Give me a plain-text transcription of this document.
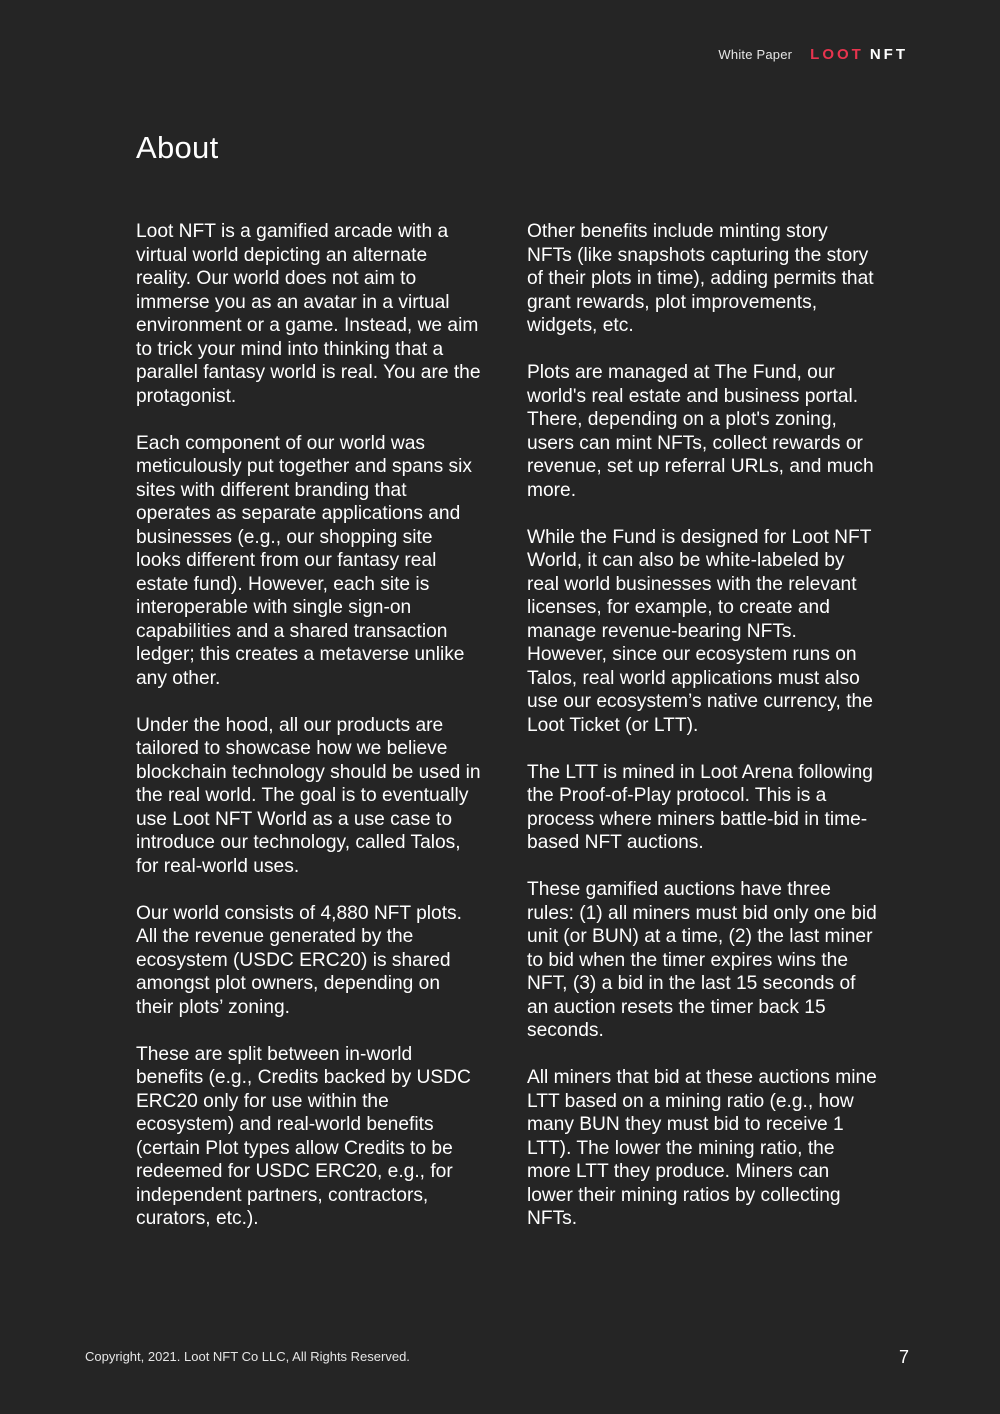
White Paper LOOT NFT
About

Loot NFT is a gamified arcade with a virtual world depicting an alternate reality. Our world does not aim to immerse you as an avatar in a virtual environment or a game. Instead, we aim to trick your mind into thinking that a parallel fantasy world is real. You are the protagonist.

Each component of our world was meticulously put together and spans six sites with different branding that operates as separate applications and businesses (e.g., our shopping site looks different from our fantasy real estate fund). However, each site is interoperable with single sign-on capabilities and a shared transaction ledger; this creates a metaverse unlike any other.

Under the hood, all our products are tailored to showcase how we believe blockchain technology should be used in the real world. The goal is to eventually use Loot NFT World as a use case to introduce our technology, called Talos, for real-world uses.

Our world consists of 4,880 NFT plots. All the revenue generated by the ecosystem (USDC ERC20) is shared amongst plot owners, depending on their plots’ zoning.

These are split between in-world benefits (e.g., Credits backed by USDC ERC20 only for use within the ecosystem) and real-world benefits (certain Plot types allow Credits to be redeemed for USDC ERC20, e.g., for independent partners, contractors, curators, etc.).

Other benefits include minting story NFTs (like snapshots capturing the story of their plots in time), adding permits that grant rewards, plot improvements, widgets, etc.

Plots are managed at The Fund, our world's real estate and business portal. There, depending on a plot's zoning, users can mint NFTs, collect rewards or revenue, set up referral URLs, and much more.

While the Fund is designed for Loot NFT World, it can also be white-labeled by real world businesses with the relevant licenses, for example, to create and manage revenue-bearing NFTs. However, since our ecosystem runs on Talos, real world applications must also use our ecosystem’s native currency, the Loot Ticket (or LTT).

The LTT is mined in Loot Arena following the Proof-of-Play protocol. This is a process where miners battle-bid in time-based NFT auctions.

These gamified auctions have three rules: (1) all miners must bid only one bid unit (or BUN) at a time, (2) the last miner to bid when the timer expires wins the NFT, (3) a bid in the last 15 seconds of an auction resets the timer back 15 seconds.

All miners that bid at these auctions mine LTT based on a mining ratio (e.g., how many BUN they must bid to receive 1 LTT). The lower the mining ratio, the more LTT they produce. Miners can lower their mining ratios by collecting NFTs.

Copyright, 2021. Loot NFT Co LLC, All Rights Reserved.	7
